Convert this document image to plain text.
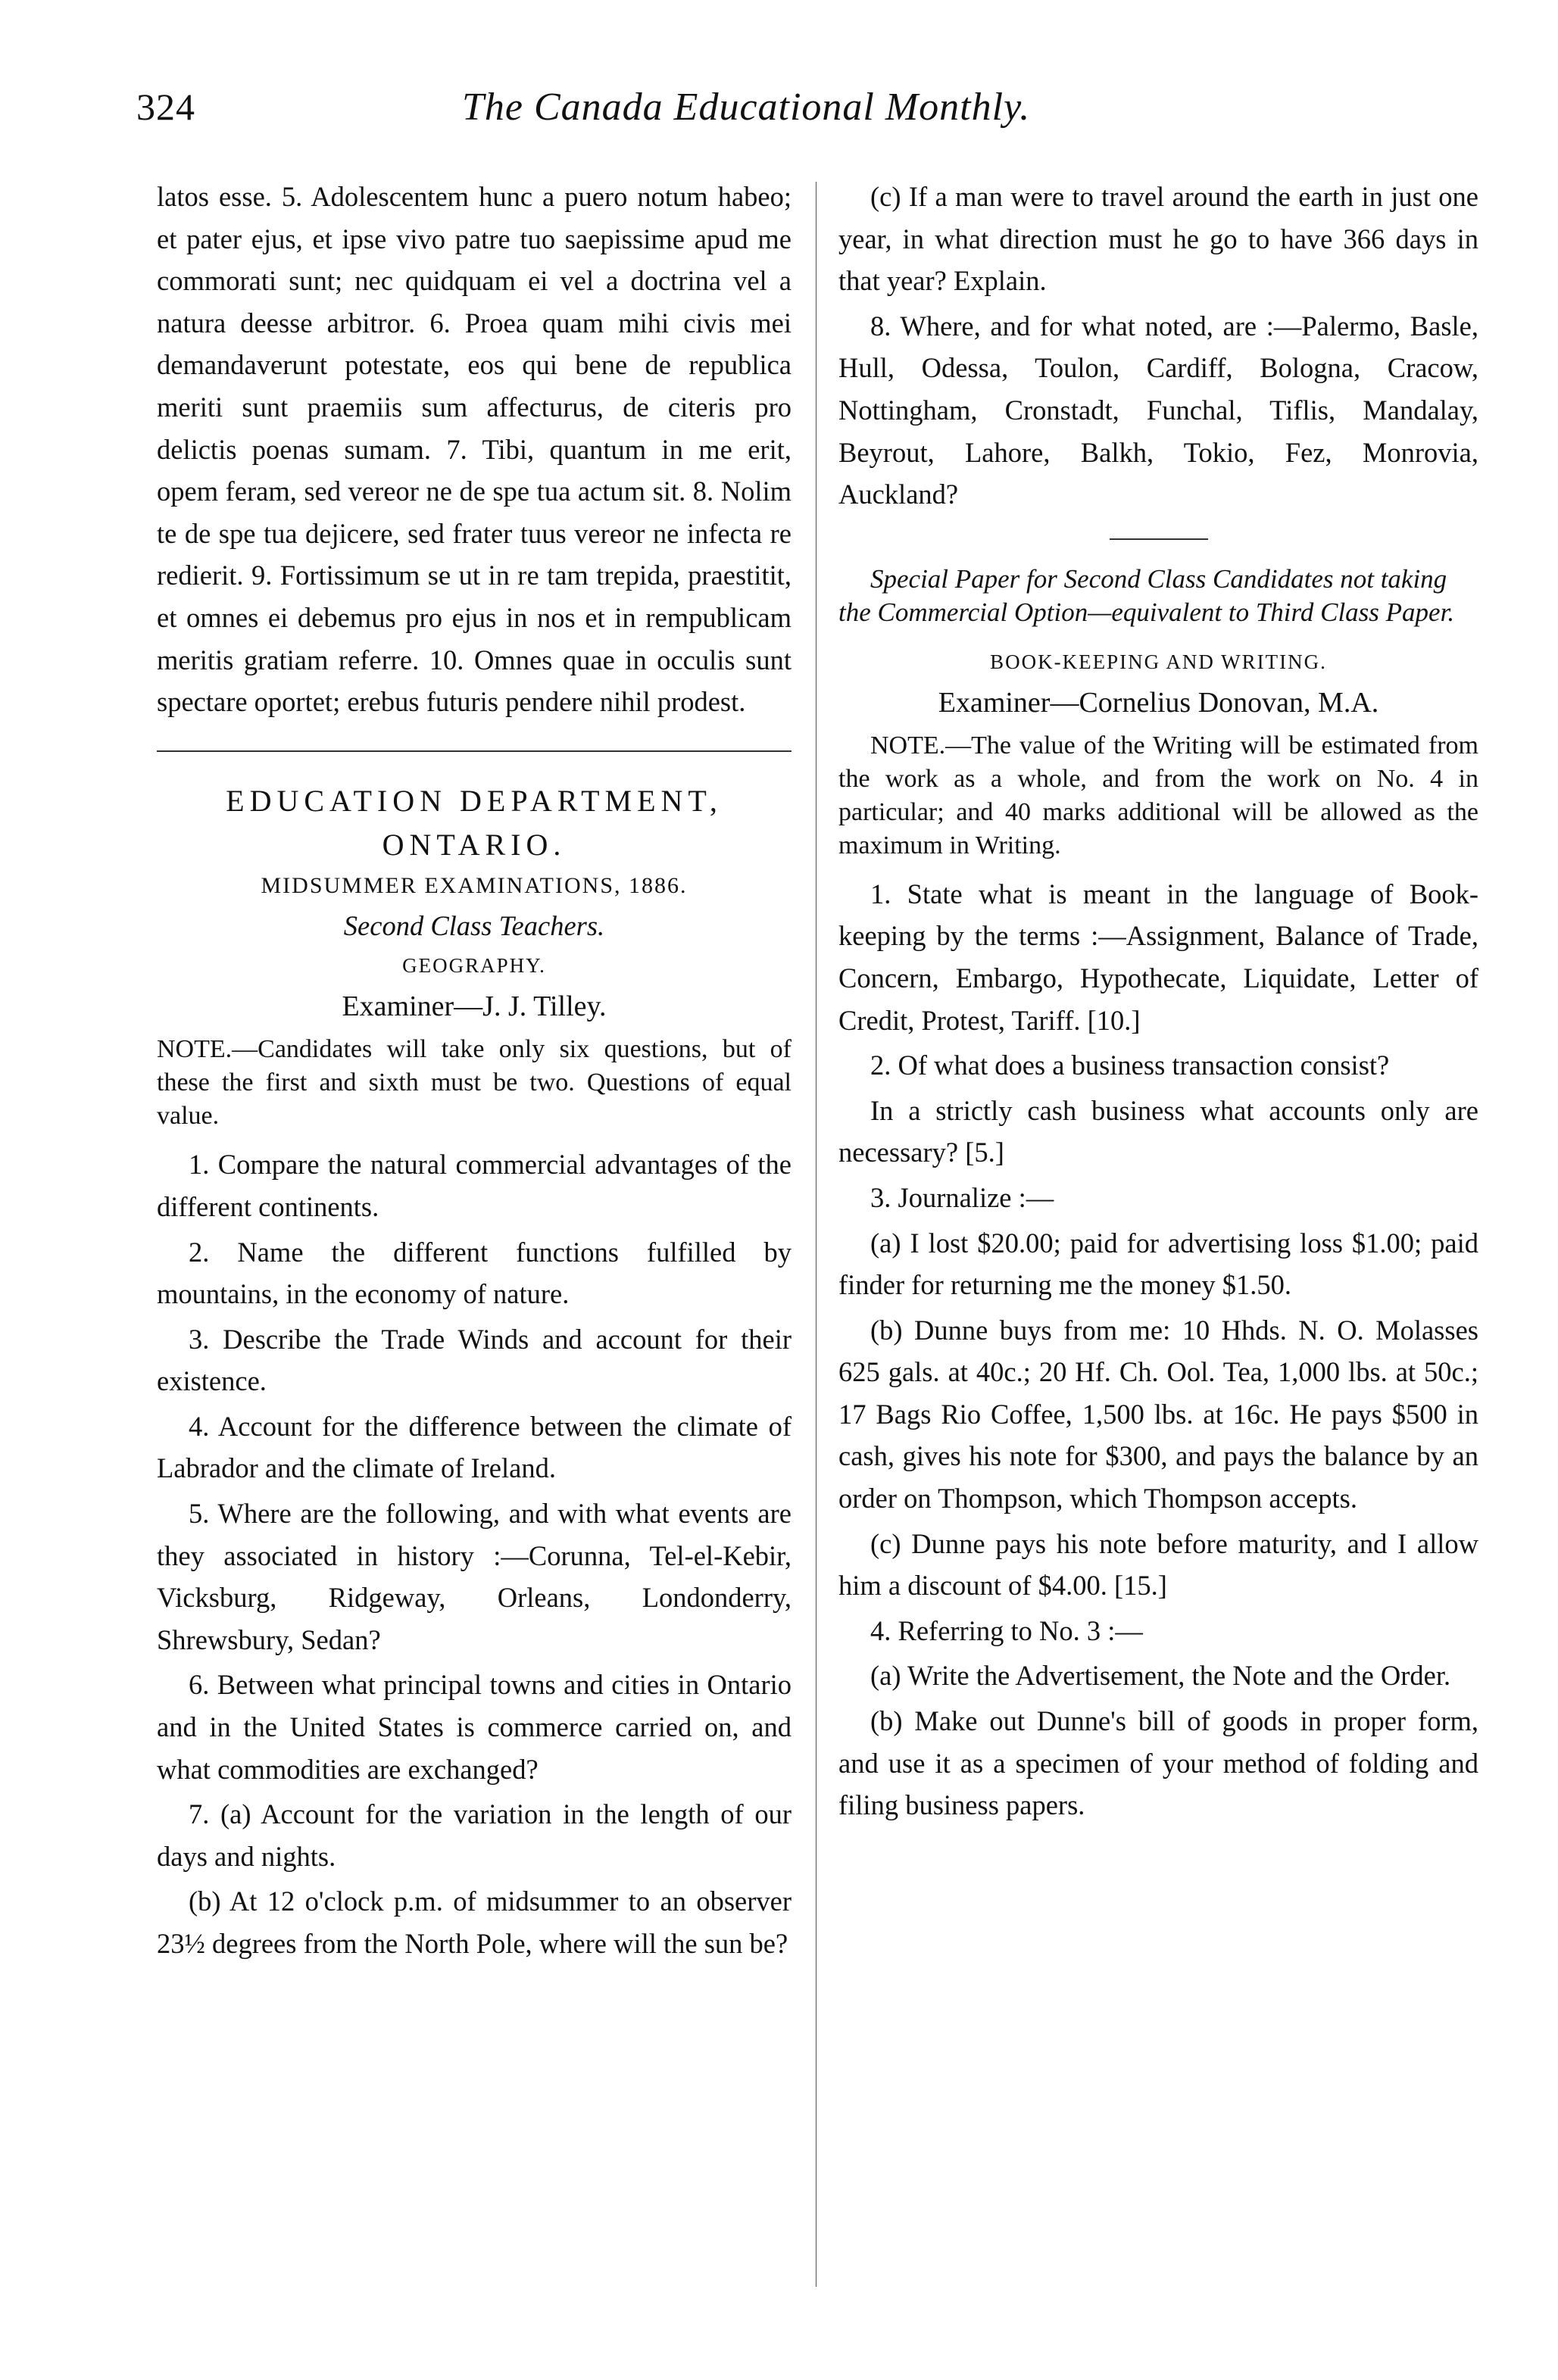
324	The Canada Educational Monthly.

latos esse. 5. Adolescentem hunc a puero notum habeo; et pater ejus, et ipse vivo patre tuo saepissime apud me commorati sunt; nec quidquam ei vel a doctrina vel a natura deesse arbitror. 6. Proea quam mihi civis mei demandaverunt potestate, eos qui bene de republica meriti sunt praemiis sum affecturus, de citeris pro delictis poenas sumam. 7. Tibi, quantum in me erit, opem feram, sed vereor ne de spe tua actum sit. 8. Nolim te de spe tua dejicere, sed frater tuus vereor ne infecta re redierit. 9. Fortissimum se ut in re tam trepida, praestitit, et omnes ei debemus pro ejus in nos et in rempublicam meritis gratiam referre. 10. Omnes quae in occulis sunt spectare oportet; erebus futuris pendere nihil prodest.

EDUCATION DEPARTMENT, ONTARIO.
MIDSUMMER EXAMINATIONS, 1886.
Second Class Teachers.
GEOGRAPHY.
Examiner—J. J. Tilley.

NOTE.—Candidates will take only six questions, but of these the first and sixth must be two. Questions of equal value.

1. Compare the natural commercial advantages of the different continents.

2. Name the different functions fulfilled by mountains, in the economy of nature.

3. Describe the Trade Winds and account for their existence.

4. Account for the difference between the climate of Labrador and the climate of Ireland.

5. Where are the following, and with what events are they associated in history :—Corunna, Tel-el-Kebir, Vicksburg, Ridgeway, Orleans, Londonderry, Shrewsbury, Sedan?

6. Between what principal towns and cities in Ontario and in the United States is commerce carried on, and what commodities are exchanged?

7. (a) Account for the variation in the length of our days and nights.

(b) At 12 o'clock p.m. of midsummer to an observer 23½ degrees from the North Pole, where will the sun be?

(c) If a man were to travel around the earth in just one year, in what direction must he go to have 366 days in that year? Explain.

8. Where, and for what noted, are :—Palermo, Basle, Hull, Odessa, Toulon, Cardiff, Bologna, Cracow, Nottingham, Cronstadt, Funchal, Tiflis, Mandalay, Beyrout, Lahore, Balkh, Tokio, Fez, Monrovia, Auckland?

Special Paper for Second Class Candidates not taking the Commercial Option—equivalent to Third Class Paper.

BOOK-KEEPING AND WRITING.
Examiner—Cornelius Donovan, M.A.

NOTE.—The value of the Writing will be estimated from the work as a whole, and from the work on No. 4 in particular; and 40 marks additional will be allowed as the maximum in Writing.

1. State what is meant in the language of Book-keeping by the terms :—Assignment, Balance of Trade, Concern, Embargo, Hypothecate, Liquidate, Letter of Credit, Protest, Tariff. [10.]

2. Of what does a business transaction consist?

In a strictly cash business what accounts only are necessary? [5.]

3. Journalize :—

(a) I lost $20.00; paid for advertising loss $1.00; paid finder for returning me the money $1.50.

(b) Dunne buys from me: 10 Hhds. N. O. Molasses 625 gals. at 40c.; 20 Hf. Ch. Ool. Tea, 1,000 lbs. at 50c.; 17 Bags Rio Coffee, 1,500 lbs. at 16c. He pays $500 in cash, gives his note for $300, and pays the balance by an order on Thompson, which Thompson accepts.

(c) Dunne pays his note before maturity, and I allow him a discount of $4.00. [15.]

4. Referring to No. 3 :—

(a) Write the Advertisement, the Note and the Order.

(b) Make out Dunne's bill of goods in proper form, and use it as a specimen of your method of folding and filing business papers.
